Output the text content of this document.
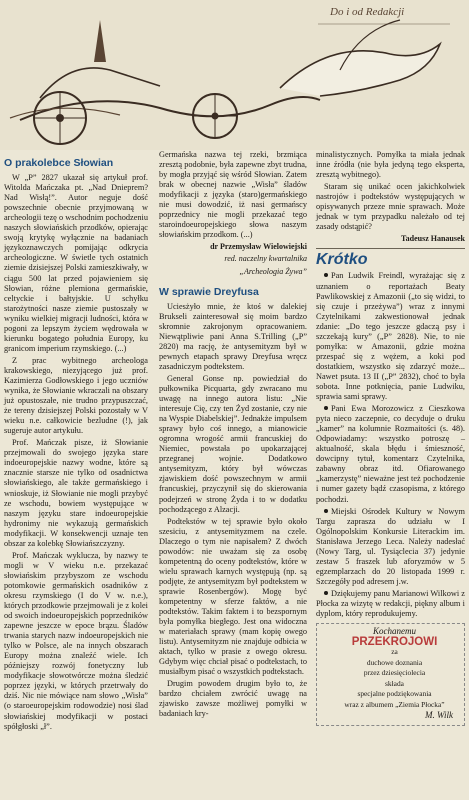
Do i od Redakcji
O prakolebce Słowian

W „P” 2827 ukazał się artykuł prof. Witolda Mańczaka pt. „Nad Dnieprem? Nad Wisłą!”. Autor neguje dość powszechnie obecnie przyjmowaną w archeologii tezę o wschodnim pochodzeniu naszych słowiańskich przodków, opierając swoją krytykę wyłącznie na badaniach językoznawczych pomijając odkrycia archeologiczne. W świetle tych ostatnich ziemie dzisiejszej Polski zamieszkiwały, w ciągu 500 lat przed pojawieniem się Słowian, różne plemiona germańskie, celtyckie i bałtyjskie. U schyłku starożytności nasze ziemie pustoszały w wyniku wielkiej migracji ludności, która w pogoni za lepszym życiem wędrowała w kierunku bogatego południa Europy, ku granicom imperium rzymskiego. (...)

Z prac wybitnego archeologa krakowskiego, niezyjącego już prof. Kazimierza Godłowskiego i jego uczniów wynika, że Słowianie wkraczali na obszary już opustoszałe, nie trudno przypuszczać, że tereny dzisiejszej Polski pozostały w V wieku n.e. całkowicie bezludne (!), jak sugeruje autor artykułu.

Prof. Mańczak pisze, iż Słowianie przejmowali do swojego języka stare indoeuropejskie nazwy wodne, które są znacznie starsze nie tylko od osadnictwa słowiańskiego, ale także germańskiego i wnioskuje, iż Słowianie nie mogli przybyć ze wschodu, bowiem występujące w naszym języku stare indoeuropejskie hydronimy nie wykazują germańskich modyfikacji. W konsekwencji uznaje ten obszar za kolebkę Słowiańszczyzny.

Prof. Mańczak wyklucza, by nazwy te mogli w V wieku n.e. przekazać słowiańskim przybyszom ze wschodu potomkowie germańskich osadników z okresu rzymskiego (I do V w. n.e.), których przodkowie przejmowali je z kolei od swoich indoeuropejskich poprzedników zapewne jeszcze w epoce brązu. Śladów trwania starych nazw indoeuropejskich nie tylko w Polsce, ale na innych obszarach Europy można znaleźć wiele. Ich późniejszy rozwój fonetyczny lub modyfikacje słowotwórcze można śledzić poprzez języki, w których przetrwały do dziś. Nic nie mówiące nam słowo „Wisła” (o staroeuropejskim rodowodzie) nosi ślad słowiańskiej modyfikacji w postaci spółgłoski „ł”.

Germańska nazwa tej rzeki, brzmiąca zresztą podobnie, była zapewne zbyt trudna, by mogła przyjąć się wśród Słowian. Zatem brak w obecnej nazwie „Wisła” śladów modyfikacji z języka (staro)germańskiego nie musi dowodzić, iż nasi germańscy poprzednicy nie mogli przekazać tego staroindoeuropejskiego słowa naszym słowiańskim przodkom. (...)

dr Przemysław Wielowiejski

red. naczelny kwartalnika

„Archeologia Żywa”

W sprawie Dreyfusa

Uciesżyło mnie, że ktoś w dalekiej Brukseli zainteresował się moim bardzo skromnie zakrojonym opracowaniem. Niewątpliwie pani Anna S.Trilling („P” 2820) ma rację, że antysemityzm był w pewnych etapach sprawy Dreyfusa wręcz zasadniczym podtekstem.

General Gonse np. powiedział do pułkownika Picquarta, gdy zwracano mu uwagę na innego autora listu: „Nie interesuje Cię, czy ten Żyd zostanie, czy nie na Wyspie Diabelskiej”. Jednakże impulsem sprawy było coś innego, a mianowicie ogromna wrogość armii francuskiej do Niemiec, powstała po upokarzającej przegranej wojnie. Dodatkowo antysemityzm, który był wówczas zjawiskiem dość powszechnym w armii francuskiej, przyczynił się do skierowania podejrzeń w stronę Żyda i to w dodatku pochodzącego z Alzacji.

Podtekstów w tej sprawie było około szesiciu, z antysemityzmem na czele. Dlaczego o tym nie napisałem? Z dwóch powodów: nie uważam się za osobę kompetentną do oceny podtekstów, które w wielu sprawach karnych występują (np. są podjęte, że antysemityzm był podtekstem w sprawie Rosenbergów). Mogę być kompetentny w sferze faktów, a nie podtekstów. Takim faktem i to bezspornym była pomyłka biegłego. Jest ona widoczna w materiałach sprawy (mam kopię owego listu). Antysemityzm nie znajduje odbicia w aktach, tylko w prasie z owego okresu. Gdybym więc chciał pisać o podtekstach, to musiałbym pisać o wszystkich podtekstach.

Drugim powodem drugim było to, że bardzo chciałem zwrócić uwagę na zjawisko zawsze możliwej pomyłki w badaniach kry-

minalistycznych. Pomyłka ta miała jednak inne źródła (nie była jedyną tego eksperta, zresztą wybitnego).

Staram się unikać ocen jakichkolwiek nastrojów i podtekstów występujących w opisywanych przeze mnie sprawach. Może jednak w tym przypadku należało od tej zasady odstąpić?

Tadeusz Hanausek

Krótko

Pan Ludwik Freindl, wyrażając się z uznaniem o reportażach Beaty Pawlikowskiej z Amazonii („to się widzi, to się czuje i przeżywa”) wraz z innymi Czytelnikami zakwestionował jednak zdanie: „Do tego jeszcze gdaczą psy i szczekają kury” („P” 2828). Nie, to nie pomyłka: w Amazonii, gdzie można przespać się z wężem, a koki pod dostatkiem, wszystko się zdarzyć może... Nawet psuta. 13 II („P” 2832), choć to była sobota. Inne potknięcia, panie Ludwiku, sprawia sami sprawy.

Pani Ewa Morozowicz z Cieszkowa pyta nieco zaczepnie, co decyduje o druku „kamer” na kolumnie Rozmaitości (s. 48). Odpowiadamy: wszystko potroszę – aktualność, skala błędu i śmieszność, dowcipny tytuł, komentarz Czytelnika, zabawny obraz itd. Ofiarowanego „kamerzystę” nieważne jest też pochodzenie i numer gazety bądź czasopisma, z którego pochodzi.

Miejski Ośrodek Kultury w Nowym Targu zaprasza do udziału w I Ogólnopolskim Konkursie Literackim im. Stanisława Jerzego Leca. Należy nadesłać (Nowy Targ, ul. Tysiąclecia 37) jedynie zestaw 5 fraszek lub aforyzmów w 5 egzemplarzach do 20 listopada 1999 r. Szczegóły pod adresem j.w.

Dziękujemy panu Marianowi Wilkowi z Płocka za wizytę w redakcji, piękny album i dyplom, który reprodukujemy.

Kochanemu

PRZEKROJOWI

za

duchowe doznania

przez dziesięciolecia

składa

specjalne podziękowania

wraz z albumem „Ziemia Płocka”

M. Wilk
